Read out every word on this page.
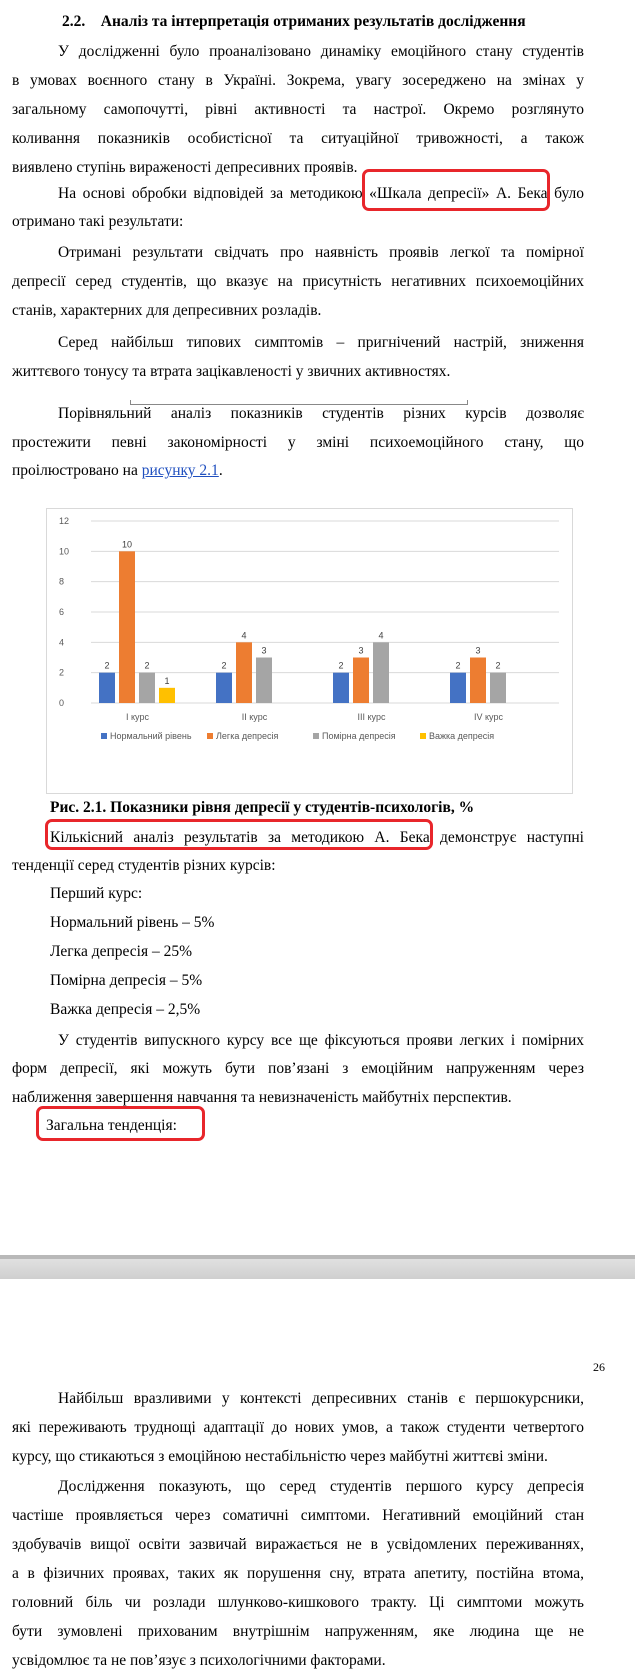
2.2.    Аналіз та інтерпретація отриманих результатів дослідження
У дослідженні було проаналізовано динаміку емоційного стану студентів
в умовах воєнного стану в Україні. Зокрема, увагу зосереджено на змінах у
загальному самопочутті, рівні активності та настрої. Окремо розглянуто
коливання показників особистісної та ситуаційної тривожності, а також
виявлено ступінь вираженості депресивних проявів.
На основі обробки відповідей за методикою «Шкала депресії» А. Бека було
отримано такі результати:
Отримані результати свідчать про наявність проявів легкої та помірної
депресії серед студентів, що вказує на присутність негативних психоемоційних
станів, характерних для депресивних розладів.
Серед найбільш типових симптомів – пригнічений настрій, зниження
життєвого тонусу та втрата зацікавленості у звичних активностях.
Порівняльний аналіз показників студентів різних курсів дозволяє
простежити певні закономірності у зміні психоемоційного стану, що
проілюстровано на рисунку 2.1.
0
2
4
6
8
10
12
2
10
2
1
I курс
2
4
3
II курс
2
3
4
III курс
2
3
2
IV курс
Нормальний рівень	Легка депресія	Помірна депресія	Важка депресія
Рис. 2.1. Показники рівня депресії у студентів-психологів, %
Кількісний аналіз результатів за методикою А. Бека демонструє наступні
тенденції серед студентів різних курсів:
Перший курс:
Нормальний рівень – 5%
Легка депресія – 25%
Помірна депресія – 5%
Важка депресія – 2,5%
У студентів випускного курсу все ще фіксуються прояви легких і помірних
форм депресії, які можуть бути пов’язані з емоційним напруженням через
наближення завершення навчання та невизначеність майбутніх перспектив.
Загальна тенденція:
26
Найбільш вразливими у контексті депресивних станів є першокурсники,
які переживають труднощі адаптації до нових умов, а також студенти четвертого
курсу, що стикаються з емоційною нестабільністю через майбутні життєві зміни.
Дослідження показують, що серед студентів першого курсу депресія
частіше проявляється через соматичні симптоми. Негативний емоційний стан
здобувачів вищої освіти зазвичай виражається не в усвідомлених переживаннях,
а в фізичних проявах, таких як порушення сну, втрата апетиту, постійна втома,
головний біль чи розлади шлунково-кишкового тракту. Ці симптоми можуть
бути зумовлені прихованим внутрішнім напруженням, яке людина ще не
усвідомлює та не пов’язує з психологічними факторами.
